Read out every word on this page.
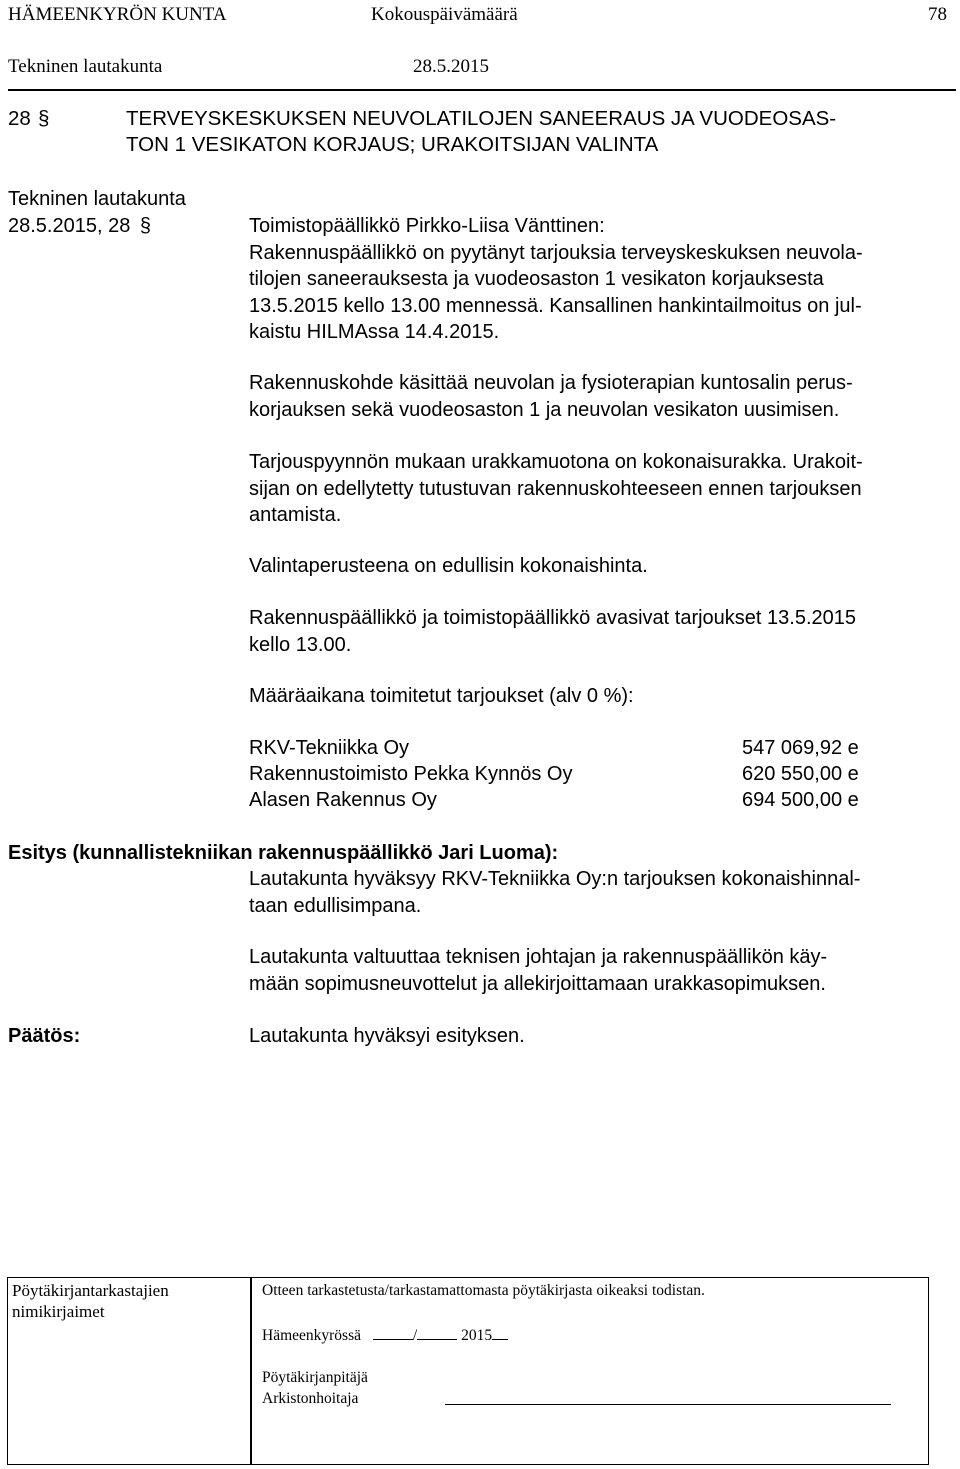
HÄMEENKYRÖN KUNTA	Kokouspäivämäärä	78
Tekninen lautakunta	28.5.2015
28 §	TERVEYSKESKUKSEN NEUVOLATILOJEN SANEERAUS JA VUODEOSAS-
TON 1 VESIKATON KORJAUS; URAKOITSIJAN VALINTA
Tekninen lautakunta
28.5.2015, 28 §	Toimistopäällikkö Pirkko-Liisa Vänttinen:
Rakennuspäällikkö on pyytänyt tarjouksia terveyskeskuksen neuvola-
tilojen saneerauksesta ja vuodeosaston 1 vesikaton korjauksesta
13.5.2015 kello 13.00 mennessä. Kansallinen hankintailmoitus on jul-
kaistu HILMAssa 14.4.2015.
Rakennuskohde käsittää neuvolan ja fysioterapian kuntosalin perus-
korjauksen sekä vuodeosaston 1 ja neuvolan vesikaton uusimisen.
Tarjouspyynnön mukaan urakkamuotona on kokonaisurakka. Urakoit-
sijan on edellytetty tutustuvan rakennuskohteeseen ennen tarjouksen
antamista.
Valintaperusteena on edullisin kokonaishinta.
Rakennuspäällikkö ja toimistopäällikkö avasivat tarjoukset 13.5.2015
kello 13.00.
Määräaikana toimitetut tarjoukset (alv 0 %):
RKV-Tekniikka Oy	547 069,92 e
Rakennustoimisto Pekka Kynnös Oy	620 550,00 e
Alasen Rakennus Oy	694 500,00 e
Esitys (kunnallistekniikan rakennuspäällikkö Jari Luoma):
Lautakunta hyväksyy RKV-Tekniikka Oy:n tarjouksen kokonaishinnal-
taan edullisimpana.
Lautakunta valtuuttaa teknisen johtajan ja rakennuspäällikön käy-
mään sopimusneuvottelut ja allekirjoittamaan urakkasopimuksen.
Päätös:	Lautakunta hyväksyi esityksen.
Pöytäkirjantarkastajien
nimikirjaimet
Otteen tarkastetusta/tarkastamattomasta pöytäkirjasta oikeaksi todistan.
Hämeenkyrössä	/	2015
Pöytäkirjanpitäjä
Arkistonhoitaja
